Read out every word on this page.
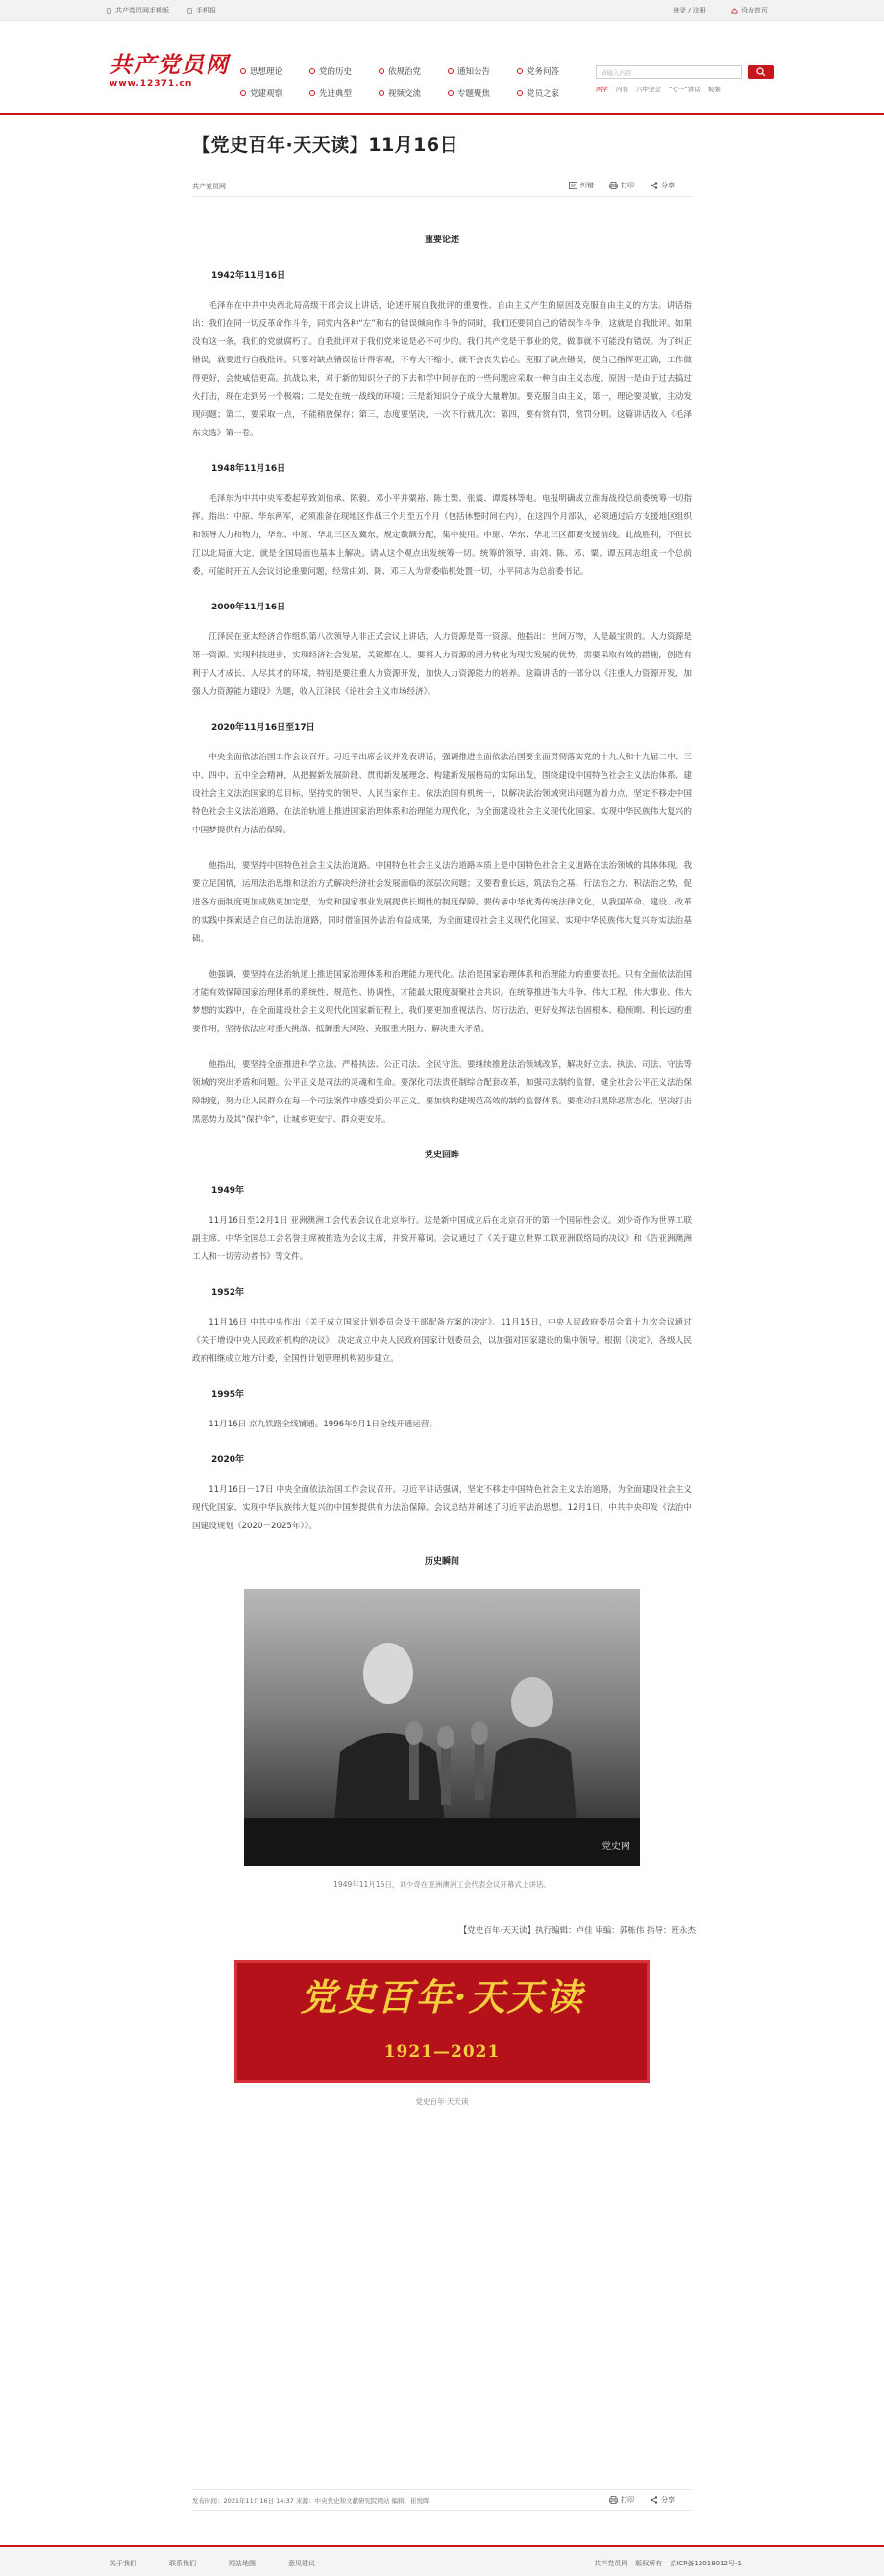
共产党员网手机版	手机报	登录 / 注册	设为首页
共产党员网
www.12371.cn
思想理论	党的历史	依规治党	通知公告	党务问答
党建观察	先进典型	视频交流	专题聚焦	党员之家
请输入内容
两学 内容 六中全会 “七一”讲话 视频
【党史百年·天天读】11月16日
共产党员网	纠错	打印	分享
重要论述
1942年11月16日

毛泽东在中共中央西北局高级干部会议上讲话，论述开展自我批评的重要性、自由主义产生的原因及克服自由主义的方法。讲话指出：我们在同一切反革命作斗争，同党内各种“左”和右的错误倾向作斗争的同时，我们还要同自己的错误作斗争，这就是自我批评。如果没有这一条，我们的党就腐朽了。自我批评对于我们党来说是必不可少的。我们共产党是干事业的党，做事就不可能没有错误。为了纠正错误，就要进行自我批评。只要对缺点错误估计得客观，不夸大不缩小，就不会丧失信心。克服了缺点错误，便自己指挥更正确，工作做得更好，会使威信更高。抗战以来，对于新的知识分子的下去和学中间存在的一些问题应采取一种自由主义态度。原因一是由于过去搞过火打击，现在走到另一个极端；二是处在统一战线的环境；三是新知识分子成分大量增加。要克服自由主义，第一，理论要灵敏，主动发现问题；第二，要采取一点，不能稍放保存；第三，态度要坚决，一次不行就几次；第四，要有赏有罚，赏罚分明。这篇讲话收入《毛泽东文选》第一卷。

1948年11月16日

毛泽东为中共中央军委起草致刘伯承、陈毅、邓小平并粟裕、陈士榘、张震、谭震林等电。电报明确成立淮海战役总前委统筹一切指挥。指出：中原、华东两军，必须准备在现地区作战三个月至五个月（包括休整时间在内），在这四个月部队，必须通过后方支援地区组织和领导人力和物力，华东、中原、华北三区及冀东，规定数额分配，集中使用。中原、华东、华北三区都要支援前线。此战胜利，不但长江以北局面大定，就是全国局面也基本上解决。请从这个观点出发统筹一切。统筹的领导，由刘、陈、邓、粟、谭五同志组成一个总前委，可能时开五人会议讨论重要问题，经常由刘、陈、邓三人为常委临机处置一切，小平同志为总前委书记。

2000年11月16日

江泽民在亚太经济合作组织第八次领导人非正式会议上讲话，人力资源是第一资源。他指出：世间万物，人是最宝贵的。人力资源是第一资源。实现科技进步，实现经济社会发展，关键都在人。要将人力资源的潜力转化为现实发展的优势，需要采取有效的措施，创造有利于人才成长、人尽其才的环境，特别是要注重人力资源开发，加快人力资源能力的培养。这篇讲话的一部分以《注重人力资源开发，加强人力资源能力建设》为题，收入江泽民《论社会主义市场经济》。

2020年11月16日至17日

中央全面依法治国工作会议召开。习近平出席会议并发表讲话，强调推进全面依法治国要全面贯彻落实党的十九大和十九届二中、三中、四中、五中全会精神，从把握新发展阶段、贯彻新发展理念、构建新发展格局的实际出发，围绕建设中国特色社会主义法治体系、建设社会主义法治国家的总目标，坚持党的领导、人民当家作主、依法治国有机统一，以解决法治领域突出问题为着力点，坚定不移走中国特色社会主义法治道路，在法治轨道上推进国家治理体系和治理能力现代化，为全面建设社会主义现代化国家、实现中华民族伟大复兴的中国梦提供有力法治保障。

他指出，要坚持中国特色社会主义法治道路。中国特色社会主义法治道路本质上是中国特色社会主义道路在法治领域的具体体现。我要立足国情，运用法治思维和法治方式解决经济社会发展面临的深层次问题；又要看重长远，筑法治之基、行法治之力、积法治之势，促进各方面制度更加成熟更加定型，为党和国家事业发展提供长期性的制度保障。要传承中华优秀传统法律文化，从我国革命、建设、改革的实践中探索适合自己的法治道路，同时借鉴国外法治有益成果，为全面建设社会主义现代化国家、实现中华民族伟大复兴夯实法治基础。

他强调，要坚持在法治轨道上推进国家治理体系和治理能力现代化。法治是国家治理体系和治理能力的重要依托。只有全面依法治国才能有效保障国家治理体系的系统性、规范性、协调性，才能最大限度凝聚社会共识。在统筹推进伟大斗争、伟大工程、伟大事业、伟大梦想的实践中，在全面建设社会主义现代化国家新征程上，我们要更加重视法治、厉行法治，更好发挥法治固根本、稳预期、利长远的重要作用，坚持依法应对重大挑战、抵御重大风险、克服重大阻力、解决重大矛盾。

他指出，要坚持全面推进科学立法、严格执法、公正司法、全民守法。要继续推进法治领域改革，解决好立法、执法、司法、守法等领域的突出矛盾和问题。公平正义是司法的灵魂和生命。要深化司法责任制综合配套改革，加强司法制约监督，健全社会公平正义法治保障制度，努力让人民群众在每一个司法案件中感受到公平正义。要加快构建规范高效的制约监督体系。要推动扫黑除恶常态化，坚决打击黑恶势力及其“保护伞”，让城乡更安宁、群众更安乐。

党史回眸
1949年

11月16日至12月1日 亚洲澳洲工会代表会议在北京举行。这是新中国成立后在北京召开的第一个国际性会议。刘少奇作为世界工联副主席、中华全国总工会名誉主席被推选为会议主席，并致开幕词。会议通过了《关于建立世界工联亚洲联络局的决议》和《告亚洲澳洲工人和一切劳动者书》等文件。

1952年

11月16日 中共中央作出《关于成立国家计划委员会及干部配备方案的决定》。11月15日，中央人民政府委员会第十九次会议通过《关于增设中央人民政府机构的决议》，决定成立中央人民政府国家计划委员会，以加强对国家建设的集中领导。根据《决定》，各级人民政府相继成立地方计委，全国性计划管理机构初步建立。

1995年

11月16日 京九铁路全线铺通。1996年9月1日全线开通运营。

2020年

11月16日－17日 中央全面依法治国工作会议召开。习近平讲话强调，坚定不移走中国特色社会主义法治道路，为全面建设社会主义现代化国家、实现中华民族伟大复兴的中国梦提供有力法治保障。会议总结并阐述了习近平法治思想。12月1日，中共中央印发《法治中国建设规划（2020－2025年）》。

历史瞬间
党史网
1949年11月16日，刘少奇在亚洲澳洲工会代表会议开幕式上讲话。
【党史百年·天天读】执行编辑：卢佳 审编：郭栋伟 指导：班永杰
党史百年·天天读
1921—2021
党史百年·天天读
发布时间：2021年11月16日 14:37 来源：中央党史和文献研究院网站 编辑：崔悦晖	打印	分享
关于我们	联系我们	网站地图	意见建议	共产党员网 版权所有 京ICP备12018012号-1
